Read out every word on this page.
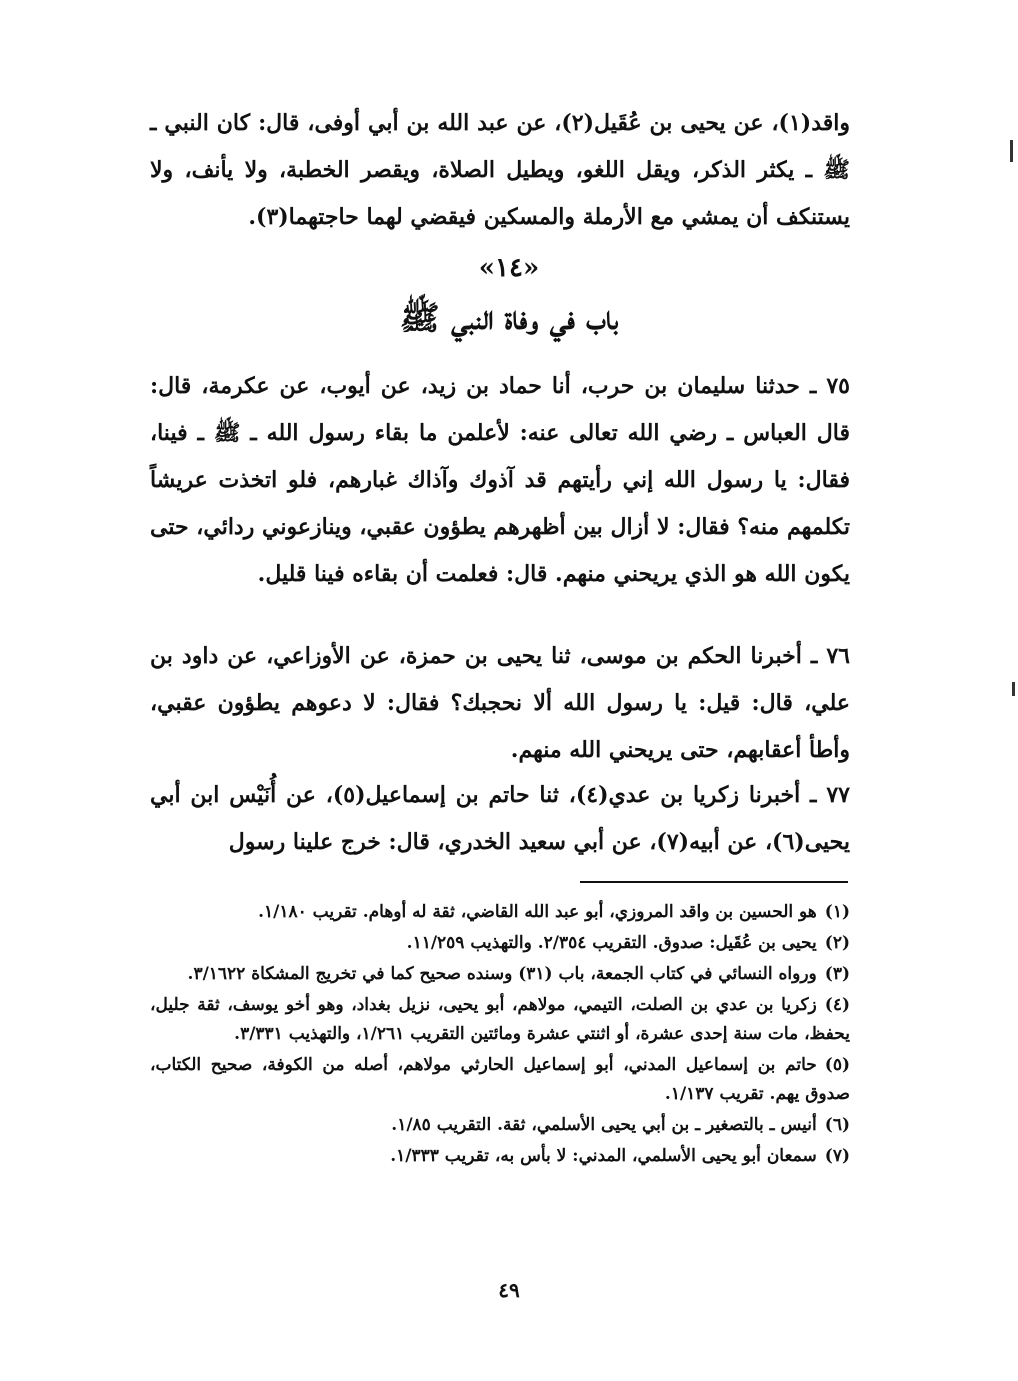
واقد(١)، عن يحيى بن عُقَيل(٢)، عن عبد الله بن أبي أوفى، قال: كان النبي ـ ﷺ ـ يكثر الذكر، ويقل اللغو، ويطيل الصلاة، ويقصر الخطبة، ولا يأنف، ولا يستنكف أن يمشي مع الأرملة والمسكين فيقضي لهما حاجتهما(٣).

«١٤»
باب في وفاة النبي ﷺ

٧٥ ـ حدثنا سليمان بن حرب، أنا حماد بن زيد، عن أيوب، عن عكرمة، قال: قال العباس ـ رضي الله تعالى عنه: لأعلمن ما بقاء رسول الله ـ ﷺ ـ فينا، فقال: يا رسول الله إني رأيتهم قد آذوك وآذاك غبارهم، فلو اتخذت عريشاً تكلمهم منه؟ فقال: لا أزال بين أظهرهم يطؤون عقبي، وينازعوني ردائي، حتى يكون الله هو الذي يريحني منهم. قال: فعلمت أن بقاءه فينا قليل.

٧٦ ـ أخبرنا الحكم بن موسى، ثنا يحيى بن حمزة، عن الأوزاعي، عن داود بن علي، قال: قيل: يا رسول الله ألا نحجبك؟ فقال: لا دعوهم يطؤون عقبي، وأطأ أعقابهم، حتى يريحني الله منهم.

٧٧ ـ أخبرنا زكريا بن عدي(٤)، ثنا حاتم بن إسماعيل(٥)، عن أُنَيْس ابن أبي يحيى(٦)، عن أبيه(٧)، عن أبي سعيد الخدري، قال: خرج علينا رسول

(١)هو الحسين بن واقد المروزي، أبو عبد الله القاضي، ثقة له أوهام. تقريب ١/١٨٠.

(٢)يحيى بن عُقَيل: صدوق. التقريب ٢/٣٥٤. والتهذيب ١١/٢٥٩.

(٣)ورواه النسائي في كتاب الجمعة، باب (٣١) وسنده صحيح كما في تخريج المشكاة ٣/١٦٢٢.

(٤)زكريا بن عدي بن الصلت، التيمي، مولاهم، أبو يحيى، نزيل بغداد، وهو أخو يوسف، ثقة جليل، يحفظ، مات سنة إحدى عشرة، أو اثنتي عشرة ومائتين التقريب ١/٢٦١، والتهذيب ٣/٣٣١.

(٥)حاتم بن إسماعيل المدني، أبو إسماعيل الحارثي مولاهم، أصله من الكوفة، صحيح الكتاب، صدوق يهم. تقريب ١/١٣٧.

(٦)أنيس ـ بالتصغير ـ بن أبي يحيى الأسلمي، ثقة. التقريب ١/٨٥.

(٧)سمعان أبو يحيى الأسلمي، المدني: لا بأس به، تقريب ١/٣٣٣.

٤٩
